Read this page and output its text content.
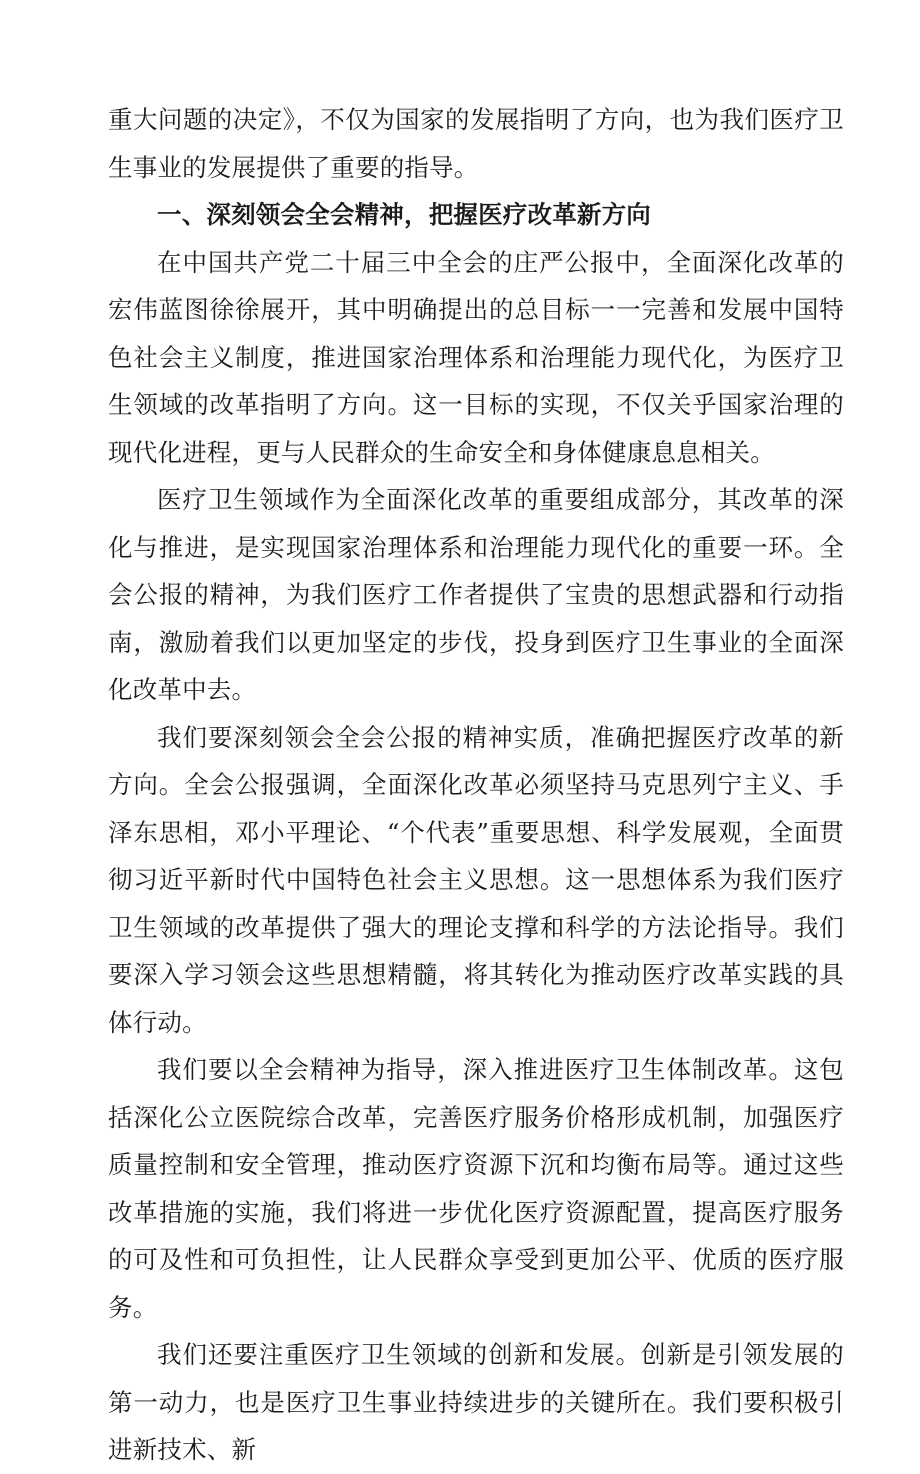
重大问题的决定》，不仅为国家的发展指明了方向，也为我们医疗卫生事业的发展提供了重要的指导。

一、深刻领会全会精神，把握医疗改革新方向

在中国共产党二十届三中全会的庄严公报中，全面深化改革的宏伟蓝图徐徐展开，其中明确提出的总目标一一完善和发展中国特色社会主义制度，推进国家治理体系和治理能力现代化，为医疗卫生领域的改革指明了方向。这一目标的实现，不仅关乎国家治理的现代化进程，更与人民群众的生命安全和身体健康息息相关。

医疗卫生领域作为全面深化改革的重要组成部分，其改革的深化与推进，是实现国家治理体系和治理能力现代化的重要一环。全会公报的精神，为我们医疗工作者提供了宝贵的思想武器和行动指南，激励着我们以更加坚定的步伐，投身到医疗卫生事业的全面深化改革中去。

我们要深刻领会全会公报的精神实质，准确把握医疗改革的新方向。全会公报强调，全面深化改革必须坚持马克思列宁主义、手泽东思相，邓小平理论、“个代表”重要思想、科学发展观，全面贯彻习近平新时代中国特色社会主义思想。这一思想体系为我们医疗卫生领域的改革提供了强大的理论支撑和科学的方法论指导。我们要深入学习领会这些思想精髓，将其转化为推动医疗改革实践的具体行动。

我们要以全会精神为指导，深入推进医疗卫生体制改革。这包括深化公立医院综合改革，完善医疗服务价格形成机制，加强医疗质量控制和安全管理，推动医疗资源下沉和均衡布局等。通过这些改革措施的实施，我们将进一步优化医疗资源配置，提高医疗服务的可及性和可负担性，让人民群众享受到更加公平、优质的医疗服务。

我们还要注重医疗卫生领域的创新和发展。创新是引领发展的第一动力，也是医疗卫生事业持续进步的关键所在。我们要积极引进新技术、新
